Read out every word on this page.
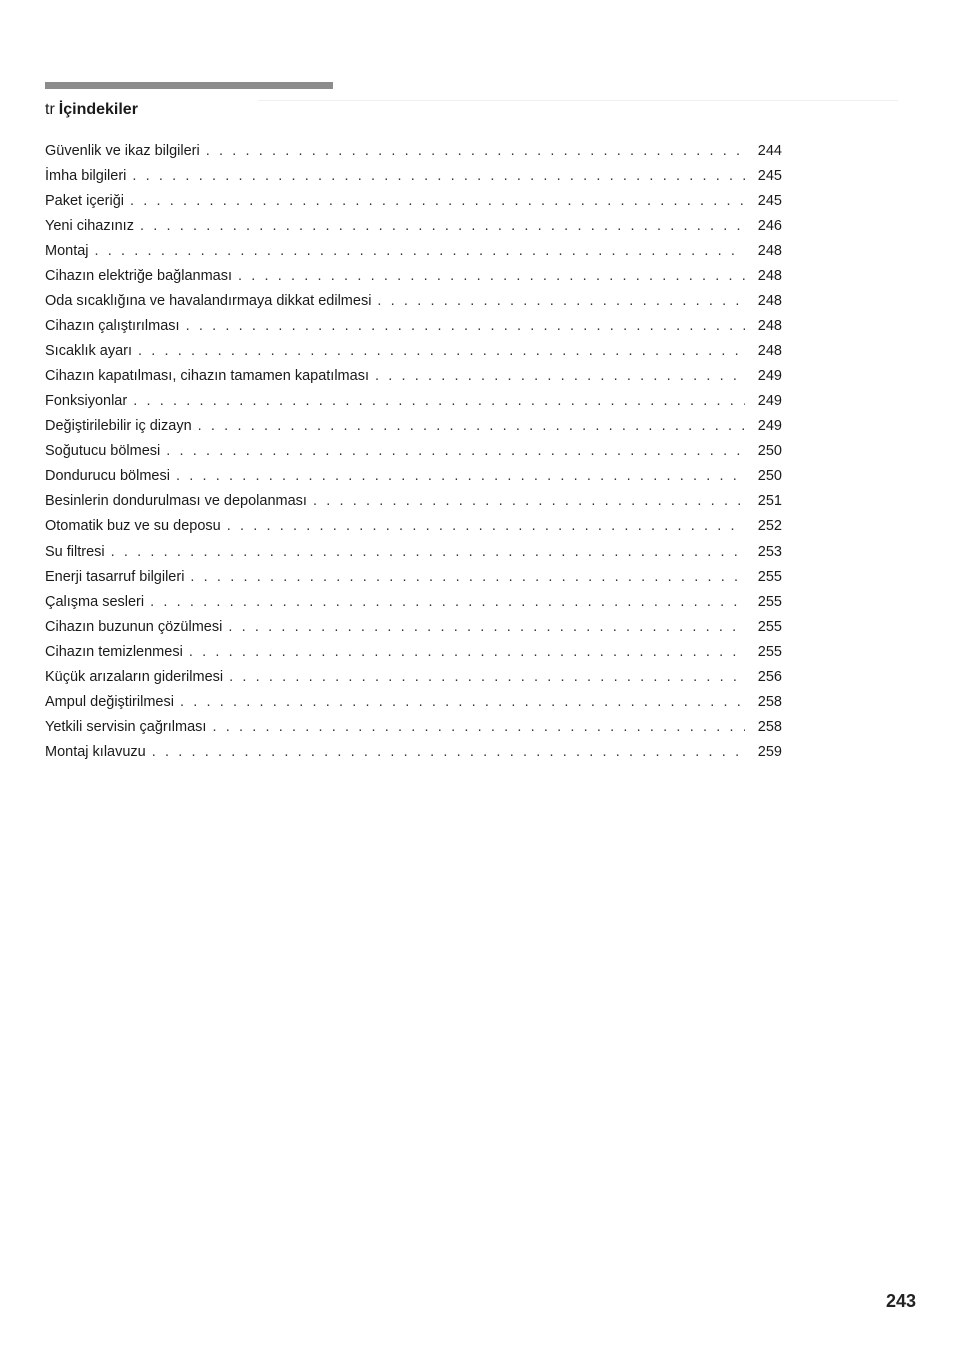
tr İçindekiler
Güvenlik ve ikaz bilgileri . . .	244
İmha bilgileri . . .	245
Paket içeriği . . .	245
Yeni cihazınız . . .	246
Montaj . . .	248
Cihazın elektriğe bağlanması . . .	248
Oda sıcaklığına ve havalandırmaya dikkat edilmesi . . .	248
Cihazın çalıştırılması . . .	248
Sıcaklık ayarı . . .	248
Cihazın kapatılması, cihazın tamamen kapatılması . . .	249
Fonksiyonlar . . .	249
Değiştirilebilir iç dizayn . . .	249
Soğutucu bölmesi . . .	250
Dondurucu bölmesi . . .	250
Besinlerin dondurulması ve depolanması . . .	251
Otomatik buz ve su deposu . . .	252
Su filtresi . . .	253
Enerji tasarruf bilgileri . . .	255
Çalışma sesleri . . .	255
Cihazın buzunun çözülmesi . . .	255
Cihazın temizlenmesi . . .	255
Küçük arızaların giderilmesi . . .	256
Ampul değiştirilmesi . . .	258
Yetkili servisin çağrılması . . .	258
Montaj kılavuzu . . .	259
243
